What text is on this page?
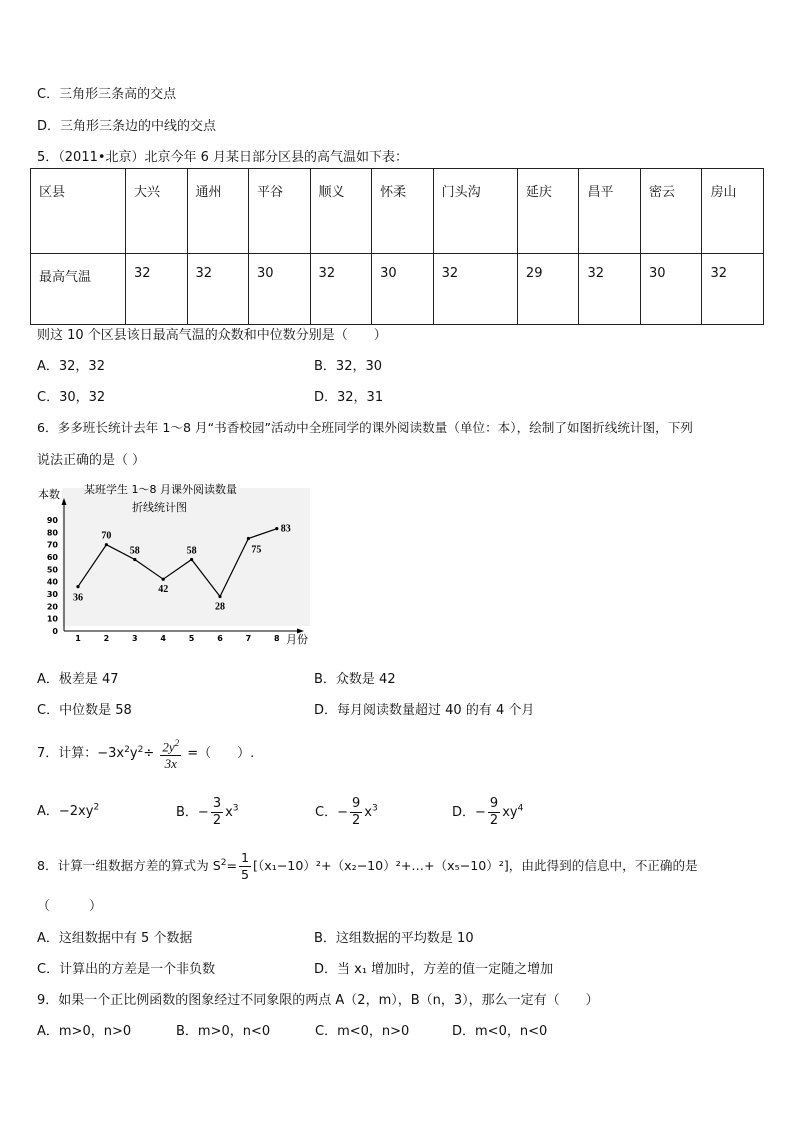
C．三角形三条高的交点
D．三角形三条边的中线的交点
5．（2011•北京）北京今年 6 月某日部分区县的高气温如下表：
区县	大兴	通州	平谷	顺义	怀柔	门头沟	延庆	昌平	密云	房山
最高气温	32	32	30	32	30	32	29	32	30	32
则这 10 个区县该日最高气温的众数和中位数分别是（　　）
A．32，32	B．32，30
C．30，32	D．32，31
6．多多班长统计去年 1～8 月“书香校园”活动中全班同学的课外阅读数量（单位：本），绘制了如图折线统计图，下列
说法正确的是（ ）
本数 某班学生 1～8 月课外阅读数量
折线统计图
月份
0
10
20
30
40
50
60
70
80
90
1	2	3	4	5	6	7	8
36
70
58
42
58
28
75
83
A．极差是 47	B．众数是 42
C．中位数是 58	D．每月阅读数量超过 40 的有 4 个月
7．计算：$-3x^2y^2\div \frac{2y^2}{3x}$ =（　　）.
A．$-2xy^2$	B．− $\frac{3}{2} x^3$	C．− $\frac{9}{2} x^3$	D．− $\frac{9}{2} xy^4$
8．计算一组数据方差的算式为 $S^2= \frac{1}{5}$ [（x₁−10）²+（x₂−10）²+…+（x₅−10）²]，由此得到的信息中，不正确的是
（　　　）
A．这组数据中有 5 个数据	B．这组数据的平均数是 10
C．计算出的方差是一个非负数	D．当 x₁ 增加时，方差的值一定随之增加
9．如果一个正比例函数的图象经过不同象限的两点 A（2，m），B（n，3），那么一定有（　　）
A．m>0，n>0	B．m>0，n<0	C．m<0，n>0	D．m<0，n<0
